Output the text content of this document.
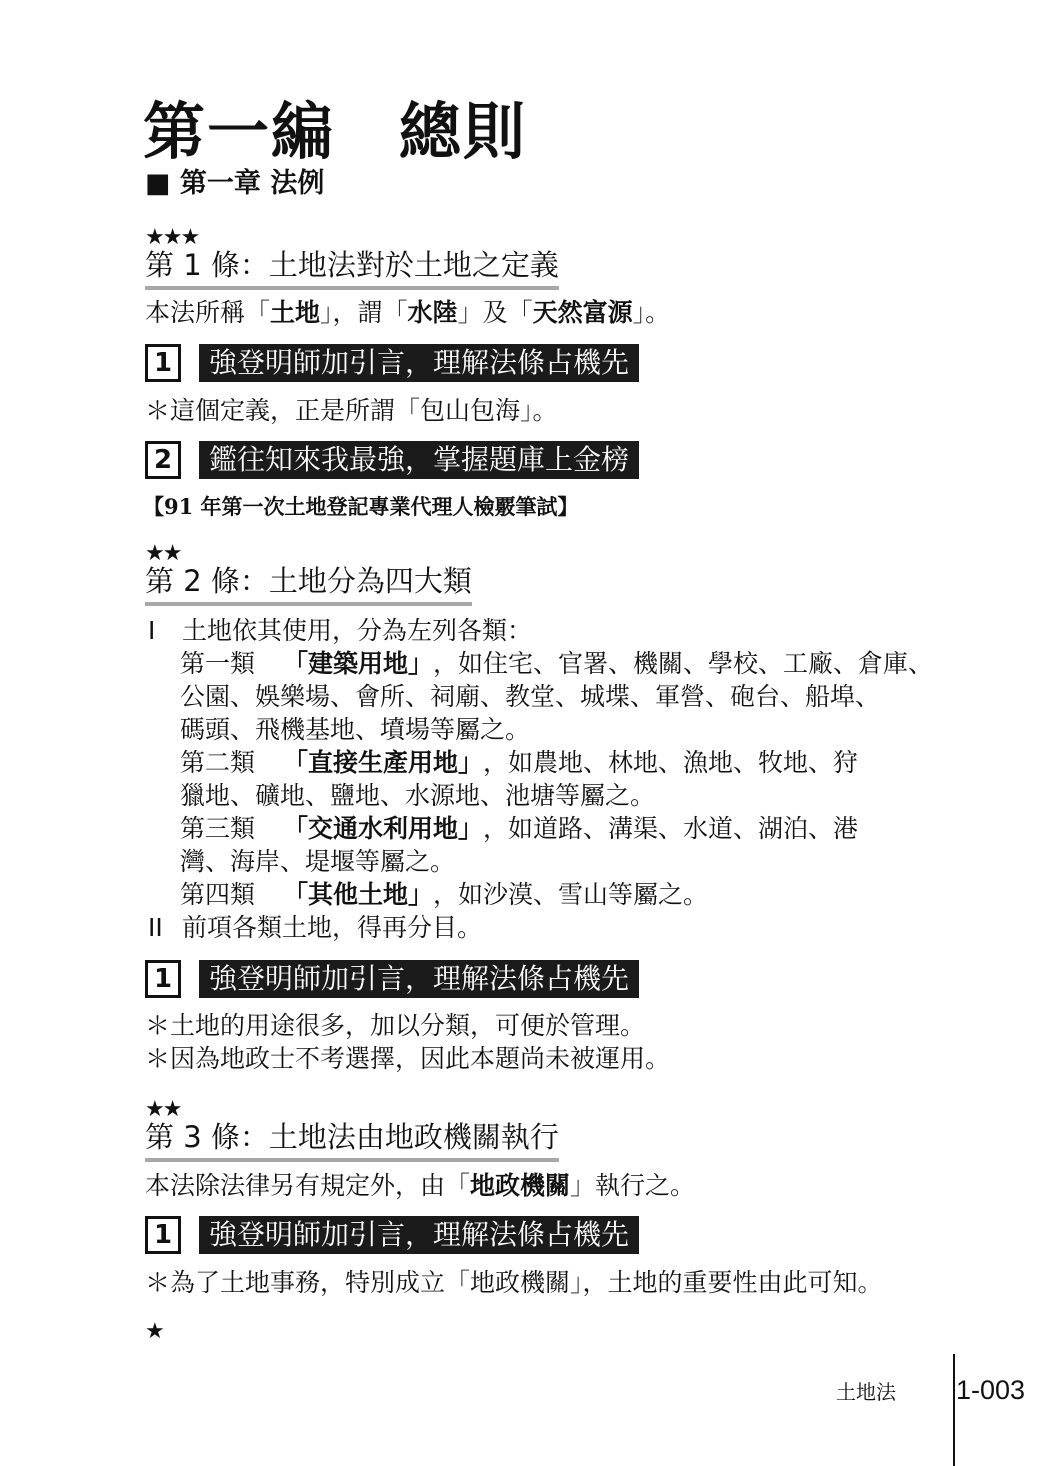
第一編　總則
■ 第一章 法例
★★★
第 1 條：土地法對於土地之定義
本法所稱「土地」，謂「水陸」及「天然富源」。
1	強登明師加引言，理解法條占機先
＊這個定義，正是所謂「包山包海」。
2	鑑往知來我最強，掌握題庫上金榜
【91 年第一次土地登記專業代理人檢覈筆試】
★★
第 2 條：土地分為四大類
I	土地依其使用，分為左列各類：
第一類 「建築用地」 ，如住宅、官署、機關、學校、工廠、倉庫、
公園、娛樂場、會所、祠廟、教堂、城堞、軍營、砲台、船埠、
碼頭、飛機基地、墳場等屬之。
第二類 「直接生產用地」 ，如農地、林地、漁地、牧地、狩
獵地、礦地、鹽地、水源地、池塘等屬之。
第三類 「交通水利用地」 ，如道路、溝渠、水道、湖泊、港
灣、海岸、堤堰等屬之。
第四類 「其他土地」 ，如沙漠、雪山等屬之。
II 前項各類土地，得再分目。
1	強登明師加引言，理解法條占機先
＊土地的用途很多，加以分類，可便於管理。
＊因為地政士不考選擇，因此本題尚未被運用。
★★
第 3 條：土地法由地政機關執行
本法除法律另有規定外，由「地政機關」執行之。
1	強登明師加引言，理解法條占機先
＊為了土地事務，特別成立「地政機關」，土地的重要性由此可知。
★
土地法 1-003
